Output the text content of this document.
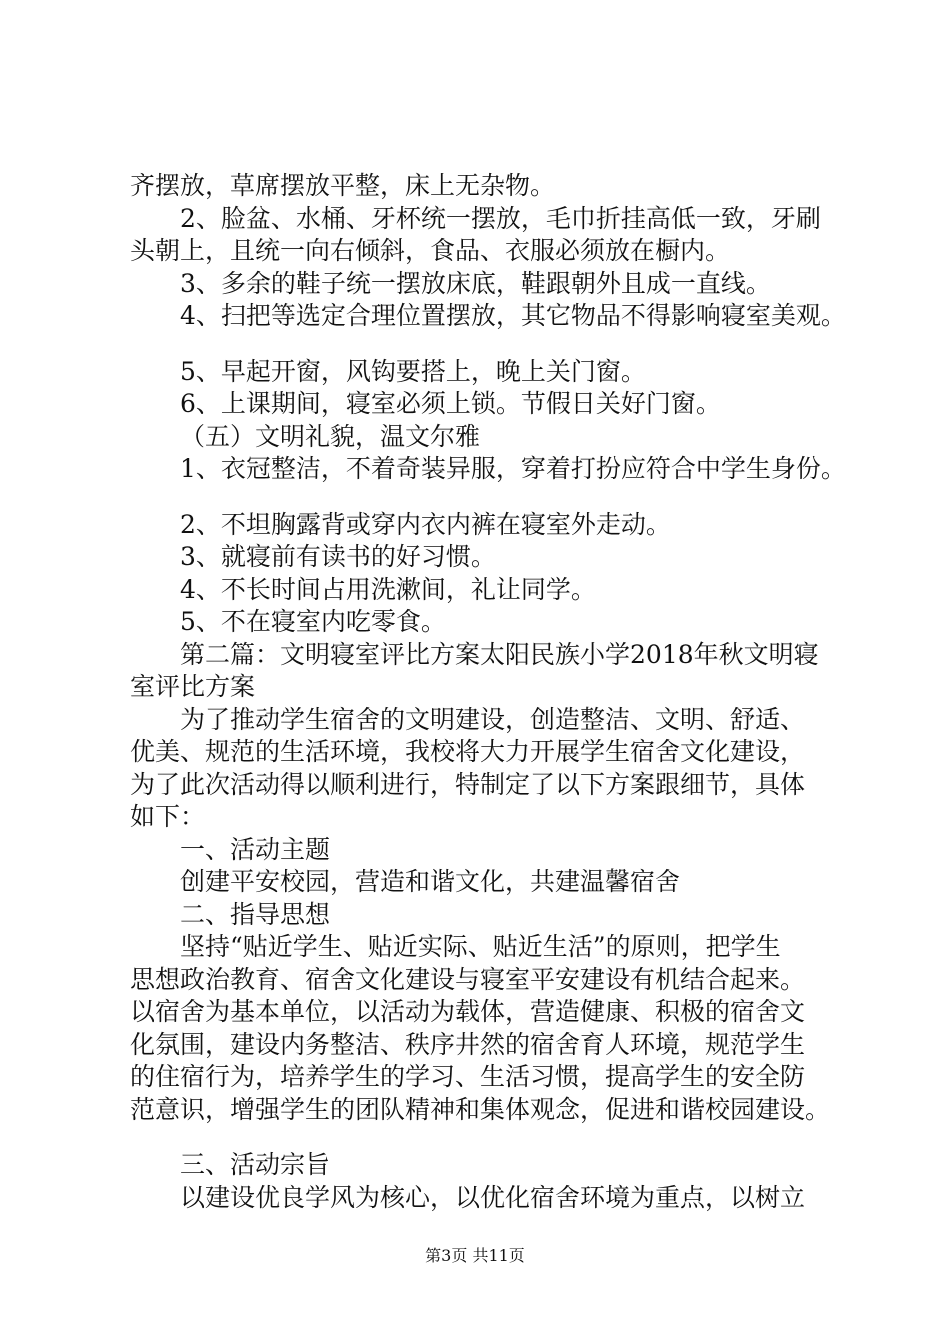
齐摆放，草席摆放平整，床上无杂物。
2、脸盆、水桶、牙杯统一摆放，毛巾折挂高低一致，牙刷
头朝上，且统一向右倾斜，食品、衣服必须放在橱内。
3、多余的鞋子统一摆放床底，鞋跟朝外且成一直线。
4、扫把等选定合理位置摆放，其它物品不得影响寝室美观。
5、早起开窗，风钩要搭上，晚上关门窗。
6、上课期间，寝室必须上锁。节假日关好门窗。
（五）文明礼貌，温文尔雅
1、衣冠整洁，不着奇装异服，穿着打扮应符合中学生身份。
2、不坦胸露背或穿内衣内裤在寝室外走动。
3、就寝前有读书的好习惯。
4、不长时间占用洗漱间，礼让同学。
5、不在寝室内吃零食。
第二篇：文明寝室评比方案太阳民族小学2018年秋文明寝
室评比方案
为了推动学生宿舍的文明建设，创造整洁、文明、舒适、
优美、规范的生活环境，我校将大力开展学生宿舍文化建设，
为了此次活动得以顺利进行，特制定了以下方案跟细节，具体
如下：
一、活动主题
创建平安校园，营造和谐文化，共建温馨宿舍
二、指导思想
坚持“贴近学生、贴近实际、贴近生活”的原则，把学生
思想政治教育、宿舍文化建设与寝室平安建设有机结合起来。
以宿舍为基本单位，以活动为载体，营造健康、积极的宿舍文
化氛围，建设内务整洁、秩序井然的宿舍育人环境，规范学生
的住宿行为，培养学生的学习、生活习惯，提高学生的安全防
范意识，增强学生的团队精神和集体观念，促进和谐校园建设。
三、活动宗旨
以建设优良学风为核心，以优化宿舍环境为重点，以树立
第3页 共11页
